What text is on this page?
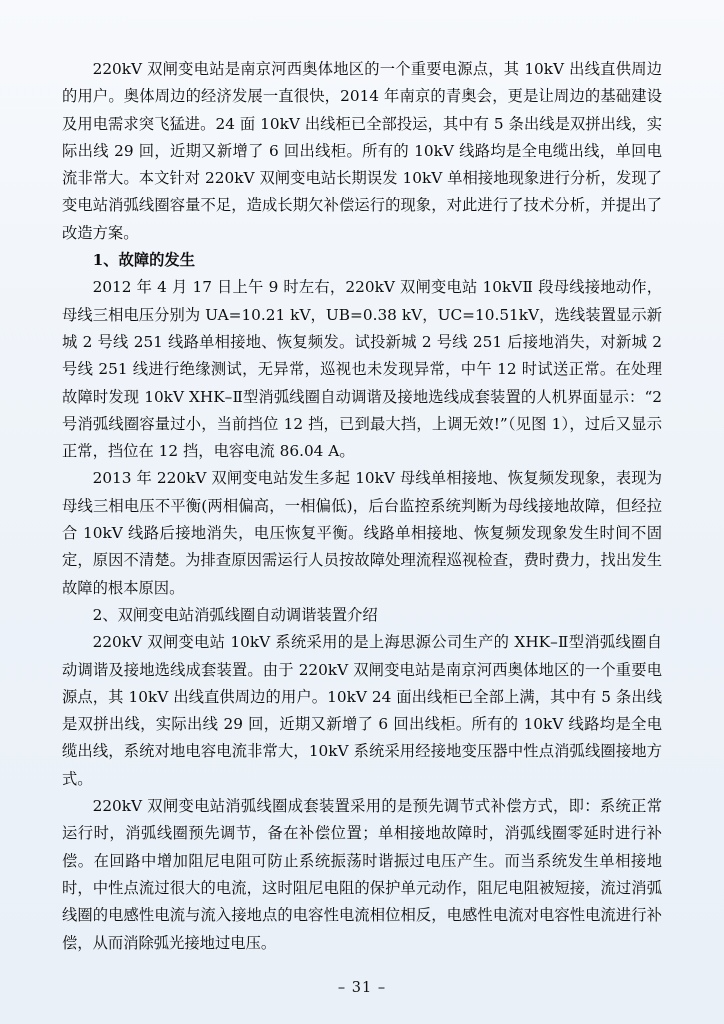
220kV 双闸变电站是南京河西奥体地区的一个重要电源点，其 10kV 出线直供周边的用户。奥体周边的经济发展一直很快，2014 年南京的青奥会，更是让周边的基础建设及用电需求突飞猛进。24 面 10kV 出线柜已全部投运，其中有 5 条出线是双拼出线，实际出线 29 回，近期又新增了 6 回出线柜。所有的 10kV 线路均是全电缆出线，单回电流非常大。本文针对 220kV 双闸变电站长期误发 10kV 单相接地现象进行分析，发现了变电站消弧线圈容量不足，造成长期欠补偿运行的现象，对此进行了技术分析，并提出了改造方案。

1、故障的发生

2012 年 4 月 17 日上午 9 时左右，220kV 双闸变电站 10kVⅡ 段母线接地动作，母线三相电压分别为 UA=10.21 kV，UB=0.38 kV，UC=10.51kV，选线装置显示新城 2 号线 251 线路单相接地、恢复频发。试投新城 2 号线 251 后接地消失，对新城 2 号线 251 线进行绝缘测试，无异常，巡视也未发现异常，中午 12 时试送正常。在处理故障时发现 10kV XHK–Ⅱ型消弧线圈自动调谐及接地选线成套装置的人机界面显示：“2 号消弧线圈容量过小，当前挡位 12 挡，已到最大挡，上调无效!”（见图 1），过后又显示正常，挡位在 12 挡，电容电流 86.04 A。

2013 年 220kV 双闸变电站发生多起 10kV 母线单相接地、恢复频发现象，表现为母线三相电压不平衡(两相偏高，一相偏低)，后台监控系统判断为母线接地故障，但经拉合 10kV 线路后接地消失，电压恢复平衡。线路单相接地、恢复频发现象发生时间不固定，原因不清楚。为排查原因需运行人员按故障处理流程巡视检查，费时费力，找出发生故障的根本原因。

2、双闸变电站消弧线圈自动调谐装置介绍

220kV 双闸变电站 10kV 系统采用的是上海思源公司生产的 XHK–Ⅱ型消弧线圈自动调谐及接地选线成套装置。由于 220kV 双闸变电站是南京河西奥体地区的一个重要电源点，其 10kV 出线直供周边的用户。10kV 24 面出线柜已全部上满，其中有 5 条出线是双拼出线，实际出线 29 回，近期又新增了 6 回出线柜。所有的 10kV 线路均是全电缆出线，系统对地电容电流非常大，10kV 系统采用经接地变压器中性点消弧线圈接地方式。

220kV 双闸变电站消弧线圈成套装置采用的是预先调节式补偿方式，即：系统正常运行时，消弧线圈预先调节，备在补偿位置；单相接地故障时，消弧线圈零延时进行补偿。在回路中增加阻尼电阻可防止系统振荡时谐振过电压产生。而当系统发生单相接地时，中性点流过很大的电流，这时阻尼电阻的保护单元动作，阻尼电阻被短接，流过消弧线圈的电感性电流与流入接地点的电容性电流相位相反，电感性电流对电容性电流进行补偿，从而消除弧光接地过电压。

– 31 –
